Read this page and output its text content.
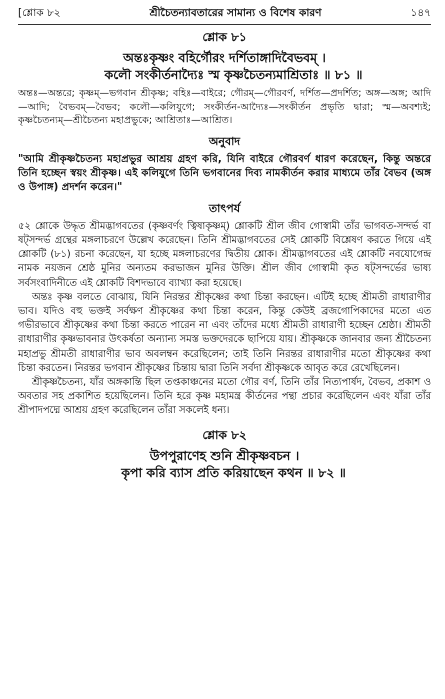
[শ্লোক ৮২	শ্রীচৈতন্যাবতারের সামান্য ও বিশেষ কারণ	১৪৭
শ্লোক ৮১
অন্তঃকৃষ্ণং বহির্গৌরং দর্শিতাঙ্গাদিবৈভবম্ ।
কলৌ সংকীর্তনাদ্যৈঃ স্ম কৃষ্ণচৈতন্যমাশ্রিতাঃ ॥ ৮১ ॥
অন্তঃ—অন্তরে; কৃষ্ণম্—ভগবান শ্রীকৃষ্ণ; বহিঃ—বাইরে; গৌরম্—গৌরবর্ণ, দর্শিত—প্রদর্শিত; অঙ্গ—অঙ্গ; আদি—আদি; বৈভবম্—বৈভব; কলৌ—কলিযুগে; সংকীর্তন-আদ্যৈঃ—সংকীর্তন প্রভৃতি দ্বারা; স্ম—অবশ্যই; কৃষ্ণচৈতন্যম্—শ্রীচৈতন্য মহাপ্রভুকে; আশ্রিতাঃ—আশ্রিত।
অনুবাদ
"আমি শ্রীকৃষ্ণচৈতন্য মহাপ্রভুর আশ্রয় গ্রহণ করি, যিনি বাইরে গৌরবর্ণ ধারণ করেছেন, কিন্তু অন্তরে তিনি হচ্ছেন স্বয়ং শ্রীকৃষ্ণ। এই কলিযুগে তিনি ভগবানের দিব্য নামকীর্তন করার মাধ্যমে তাঁর বৈভব (অঙ্গ ও উপাঙ্গ) প্রদর্শন করেন।"
তাৎপর্য

৫২ শ্লোকে উদ্ধৃত শ্রীমদ্ভাগবতের (কৃষ্ণবর্ণং ত্বিষাকৃষ্ণম্) শ্লোকটি শ্রীল জীব গোস্বামী তাঁর ভাগবত-সন্দর্ভ বা ষট্‌সন্দর্ভ গ্রন্থের মঙ্গলাচরণে উল্লেখ করেছেন। তিনি শ্রীমদ্ভাগবতের সেই শ্লোকটি বিশ্লেষণ করতে গিয়ে এই শ্লোকটি (৮১) রচনা করেছেন, যা হচ্ছে মঙ্গলাচরণের দ্বিতীয় শ্লোক। শ্রীমদ্ভাগবতের এই শ্লোকটি নবযোগেন্দ্র নামক নয়জন শ্রেষ্ঠ মুনির অন্যতম করভাজন মুনির উক্তি। শ্রীল জীব গোস্বামী কৃত ষট্‌সন্দর্ভের ভাষ্য সর্বসংবাদিনীতে এই শ্লোকটি বিশদভাবে ব্যাখ্যা করা হয়েছে।

অন্তঃ কৃষ্ণ বলতে বোঝায়, যিনি নিরন্তর শ্রীকৃষ্ণের কথা চিন্তা করছেন। এটিই হচ্ছে শ্রীমতী রাধারাণীর ভাব। যদিও বহু ভক্তই সর্বক্ষণ শ্রীকৃষ্ণের কথা চিন্তা করেন, কিন্তু কেউই ব্রজগোপিকাদের মতো এত গভীরভাবে শ্রীকৃষ্ণের কথা চিন্তা করতে পারেন না এবং তাঁদের মধ্যে শ্রীমতী রাধারাণী হচ্ছেন শ্রেষ্ঠা। শ্রীমতী রাধারাণীর কৃষ্ণভাবনার উৎকর্ষতা অন্যান্য সমস্ত ভক্তদেরকে ছাপিয়ে যায়। শ্রীকৃষ্ণকে জানবার জন্য শ্রীচৈতন্য মহাপ্রভু শ্রীমতী রাধারাণীর ভাব অবলম্বন করেছিলেন; তাই তিনি নিরন্তর রাধারাণীর মতো শ্রীকৃষ্ণের কথা চিন্তা করতেন। নিরন্তর ভগবান শ্রীকৃষ্ণের চিন্তায় দ্বারা তিনি সর্বদা শ্রীকৃষ্ণকে আবৃত করে রেখেছিলেন।

শ্রীকৃষ্ণচৈতন্য, যাঁর অঙ্গকান্তি ছিল তপ্তকাঞ্চনের মতো গৌর বর্ণ, তিনি তাঁর নিত্যপার্ষদ, বৈভব, প্রকাশ ও অবতার সহ প্রকাশিত হয়েছিলেন। তিনি হরে কৃষ্ণ মহামন্ত্র কীর্তনের পন্থা প্রচার করেছিলেন এবং যাঁরা তাঁর শ্রীপাদপদ্মে আশ্রয় গ্রহণ করেছিলেন তাঁরা সকলেই ধন্য।

শ্লোক ৮২
উপপুরাণেহ শুনি শ্রীকৃষ্ণবচন ।
কৃপা করি ব্যাস প্রতি করিয়াছেন কথন ॥ ৮২ ॥
